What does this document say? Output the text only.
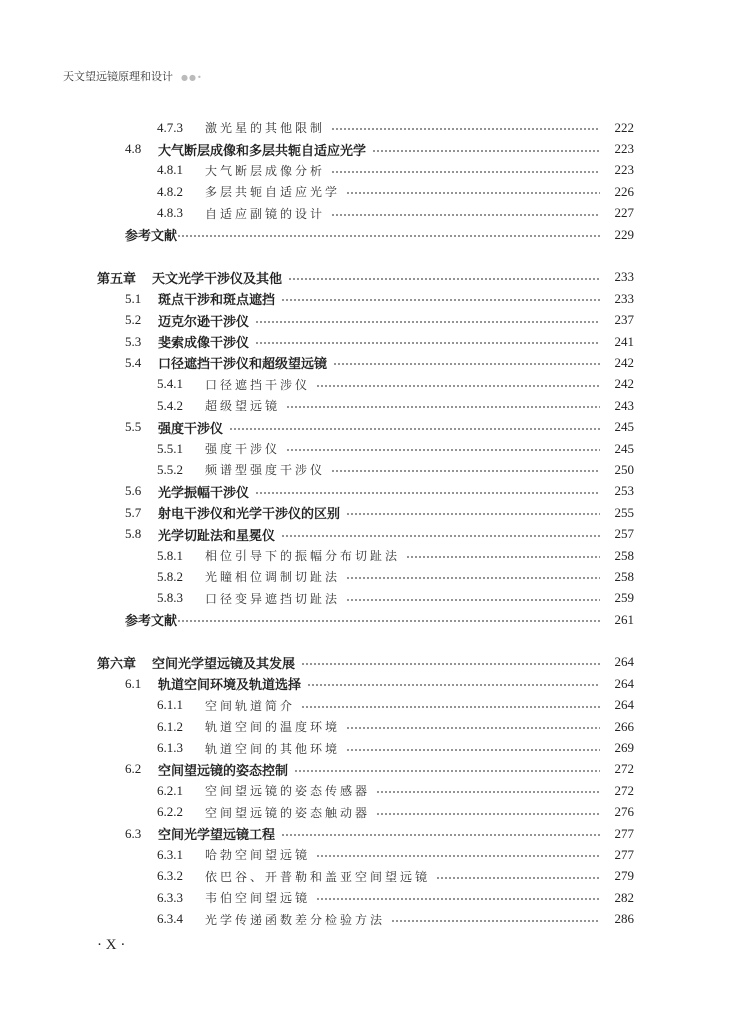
天文望远镜原理和设计 ●●•
4.7.3	激光星的其他限制	222
4.8	大气断层成像和多层共轭自适应光学	223
4.8.1	大气断层成像分析	223
4.8.2	多层共轭自适应光学	226
4.8.3	自适应副镜的设计	227
参考文献	229
第五章	天文光学干涉仪及其他	233
5.1	斑点干涉和斑点遮挡	233
5.2	迈克尔逊干涉仪	237
5.3	斐索成像干涉仪	241
5.4	口径遮挡干涉仪和超级望远镜	242
5.4.1	口径遮挡干涉仪	242
5.4.2	超级望远镜	243
5.5	强度干涉仪	245
5.5.1	强度干涉仪	245
5.5.2	频谱型强度干涉仪	250
5.6	光学振幅干涉仪	253
5.7	射电干涉仪和光学干涉仪的区别	255
5.8	光学切趾法和星冕仪	257
5.8.1	相位引导下的振幅分布切趾法	258
5.8.2	光瞳相位调制切趾法	258
5.8.3	口径变异遮挡切趾法	259
参考文献	261
第六章	空间光学望远镜及其发展	264
6.1	轨道空间环境及轨道选择	264
6.1.1	空间轨道简介	264
6.1.2	轨道空间的温度环境	266
6.1.3	轨道空间的其他环境	269
6.2	空间望远镜的姿态控制	272
6.2.1	空间望远镜的姿态传感器	272
6.2.2	空间望远镜的姿态触动器	276
6.3	空间光学望远镜工程	277
6.3.1	哈勃空间望远镜	277
6.3.2	依巴谷、开普勒和盖亚空间望远镜	279
6.3.3	韦伯空间望远镜	282
6.3.4	光学传递函数差分检验方法	286
· X ·
